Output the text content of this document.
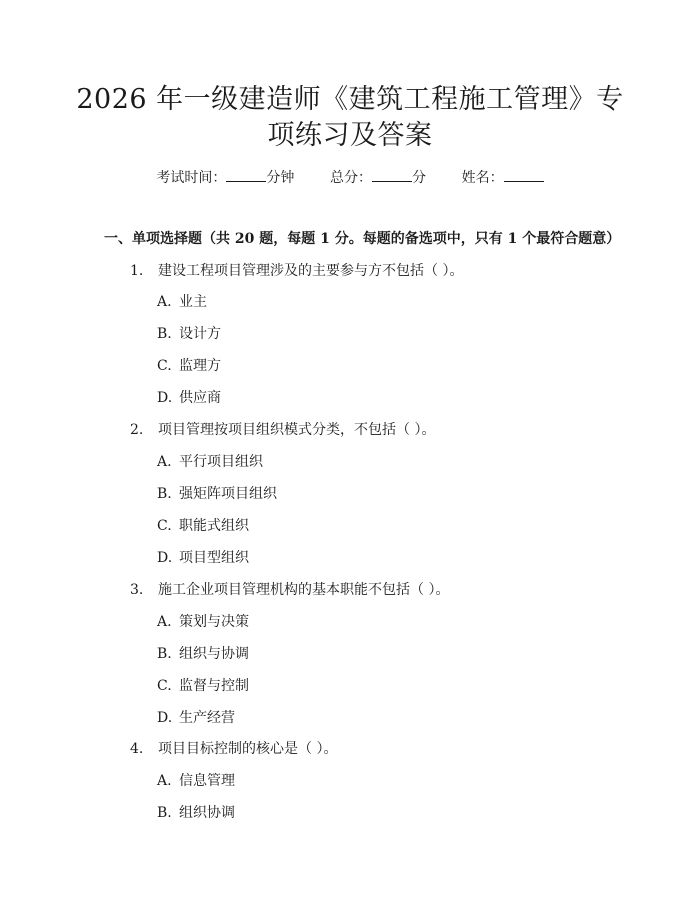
2026 年一级建造师《建筑工程施工管理》专
项练习及答案
考试时间：	分钟	总分：	分	姓名：
一、单项选择题（共 20 题，每题 1 分。每题的备选项中，只有 1 个最符合题意）
1. 建设工程项目管理涉及的主要参与方不包括（ ）。
A. 业主
B. 设计方
C. 监理方
D. 供应商
2. 项目管理按项目组织模式分类，不包括（ ）。
A. 平行项目组织
B. 强矩阵项目组织
C. 职能式组织
D. 项目型组织
3. 施工企业项目管理机构的基本职能不包括（ ）。
A. 策划与决策
B. 组织与协调
C. 监督与控制
D. 生产经营
4. 项目目标控制的核心是（ ）。
A. 信息管理
B. 组织协调
